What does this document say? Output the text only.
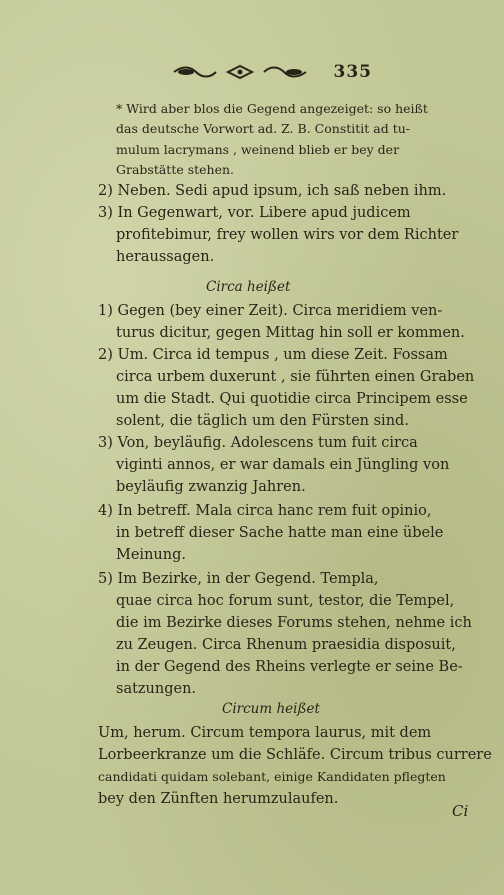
335
* Wird aber blos die Gegend angezeiget: so heißt
das deutsche Vorwort ad. Z. B. Constitit ad tu-
mulum lacrymans , weinend blieb er bey der
Grabstätte stehen.
2) Neben. Sedi apud ipsum, ich saß neben ihm.
3) In Gegenwart, vor. Libere apud judicem
profitebimur, frey wollen wirs vor dem Richter
heraussagen.
Circa heißet
1) Gegen (bey einer Zeit). Circa meridiem ven-
turus dicitur, gegen Mittag hin soll er kommen.
2) Um. Circa id tempus , um diese Zeit. Fossam
circa urbem duxerunt , sie führten einen Graben
um die Stadt. Qui quotidie circa Principem esse
solent, die täglich um den Fürsten sind.
3) Von, beyläufig. Adolescens tum fuit circa
viginti annos, er war damals ein Jüngling von
beyläufig zwanzig Jahren.
4) In betreff. Mala circa hanc rem fuit opinio,
in betreff dieser Sache hatte man eine übele
Meinung.
5) Im Bezirke, in der Gegend. Templa,
quae circa hoc forum sunt, testor, die Tempel,
die im Bezirke dieses Forums stehen, nehme ich
zu Zeugen. Circa Rhenum praesidia disposuit,
in der Gegend des Rheins verlegte er seine Be-
satzungen.
Circum heißet
Um, herum. Circum tempora laurus, mit dem
Lorbeerkranze um die Schläfe. Circum tribus currere
candidati quidam solebant, einige Kandidaten pflegten
bey den Zünften herumzulaufen.
Ci
